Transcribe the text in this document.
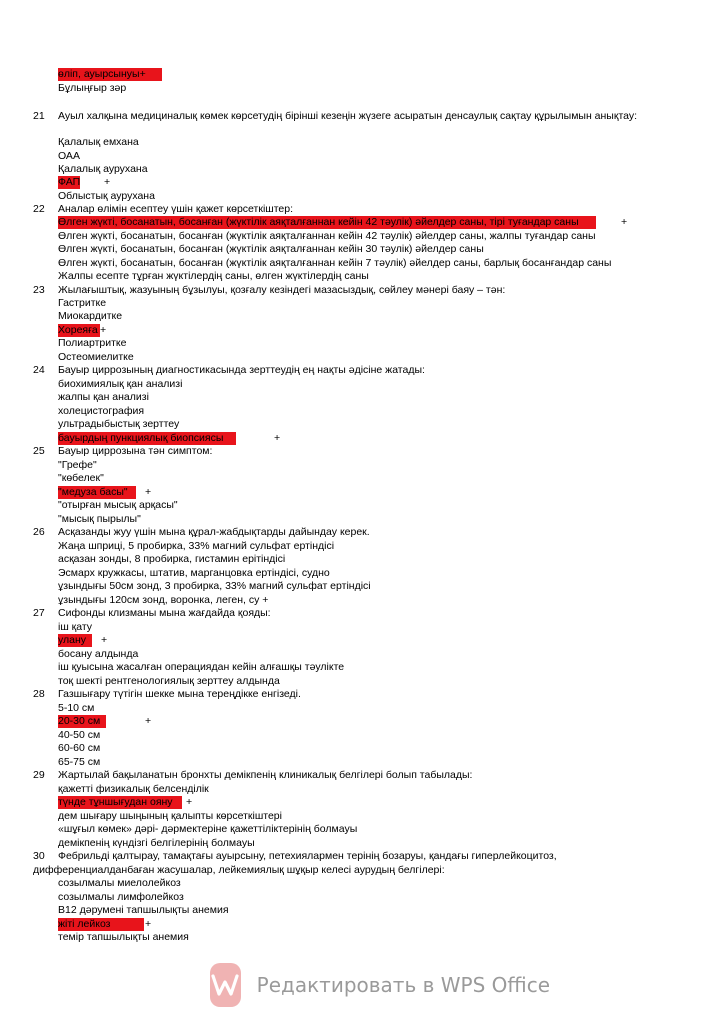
өліп, ауырсынуы+
Бұлыңғыр зәр
21 Ауыл халқына медициналық көмек көрсетудің бірінші кезеңін жүзеге асыратын денсаулық сақтау құрылымын анықтау:
Қалалық емхана
ОАА
Қалалық аурухана
ФАП +
Облыстық аурухана
22 Аналар өлімін есептеу үшін қажет көрсеткіштер:
Өлген жүкті, босанатын, босанған (жүктілік аяқталғаннан кейін 42 тәулік) әйелдер саны, тірі туғандар саны	+
Өлген жүкті, босанатын, босанған (жүктілік аяқталғаннан кейін 42 тәулік) әйелдер саны, жалпы туғандар саны
Өлген жүкті, босанатын, босанған (жүктілік аяқталғаннан кейін 30 тәулік) әйелдер саны
Өлген жүкті, босанатын, босанған (жүктілік аяқталғаннан кейін 7 тәулік) әйелдер саны, барлық босанғандар саны
Жалпы есепте тұрған жүктілердің саны, өлген жүктілердің саны
23 Жылағыштық, жазуының бұзылуы, қозғалу кезіндегі мазасыздық, сөйлеу мәнері баяу – тән:
Гастритке
Миокардитке
Хореяға +
Полиартритке
Остеомиелитке
24 Бауыр циррозының диагностикасында зерттеудің ең нақты әдісіне жатады:
биохимиялық қан анализі
жалпы қан анализі
холецистография
ультрадыбыстық зерттеу
бауырдың пункциялық биопсиясы	+
25 Бауыр циррозына тән симптом:
"Грефе"
"көбелек"
"медуза басы"	+
"отырған мысық арқасы"
"мысық пырылы"
26 Асқазанды жуу үшін мына құрал-жабдықтарды дайындау керек.
Жаңа шприці, 5 пробирка, 33% магний сульфат ертіндісі
асқазан зонды, 8 пробирка, гистамин ерітіндісі
Эсмарх кружкасы, штатив, марганцовка ертіндісі, судно
ұзындығы 50см зонд, 3 пробирка, 33% магний сульфат ертіндісі
ұзындығы 120см зонд, воронка, леген, су +
27 Сифонды клизманы мына жағдайда қояды:
іш қату
улану	+
босану алдында
іш қуысына жасалған операциядан кейін алғашқы тәулікте
тоқ шекті рентгенологиялық зерттеу алдында
28 Газшығару түтігін шекке мына тереңдікке енгізеді.
5-10 см
20-30 см	+
40-50 см
60-60 см
65-75 см
29 Жартылай бақыланатын бронхты демікпенің клиникалық белгілері болып табылады:
қажетті физикалық белсенділік
түнде тұншығудан ояну	+
дем шығару шыңының қалыпты көрсеткіштері
«шұғыл көмек» дәрі- дәрмектеріне қажеттіліктерінің болмауы
демікпенің күндізгі белгілерінің болмауы
30 Фебрильді қалтырау, тамақтағы ауырсыну, петехиялармен терінің бозаруы, қандағы гиперлейкоцитоз,
дифференциалданбаған жасушалар, лейкемиялық шұқыр келесі аурудың белгілері:
созылмалы миелолейкоз
созылмалы лимфолейкоз
В12 дәрумені тапшылықты анемия
жіті лейкоз	+
темір тапшылықты анемия
Редактировать в WPS Office
